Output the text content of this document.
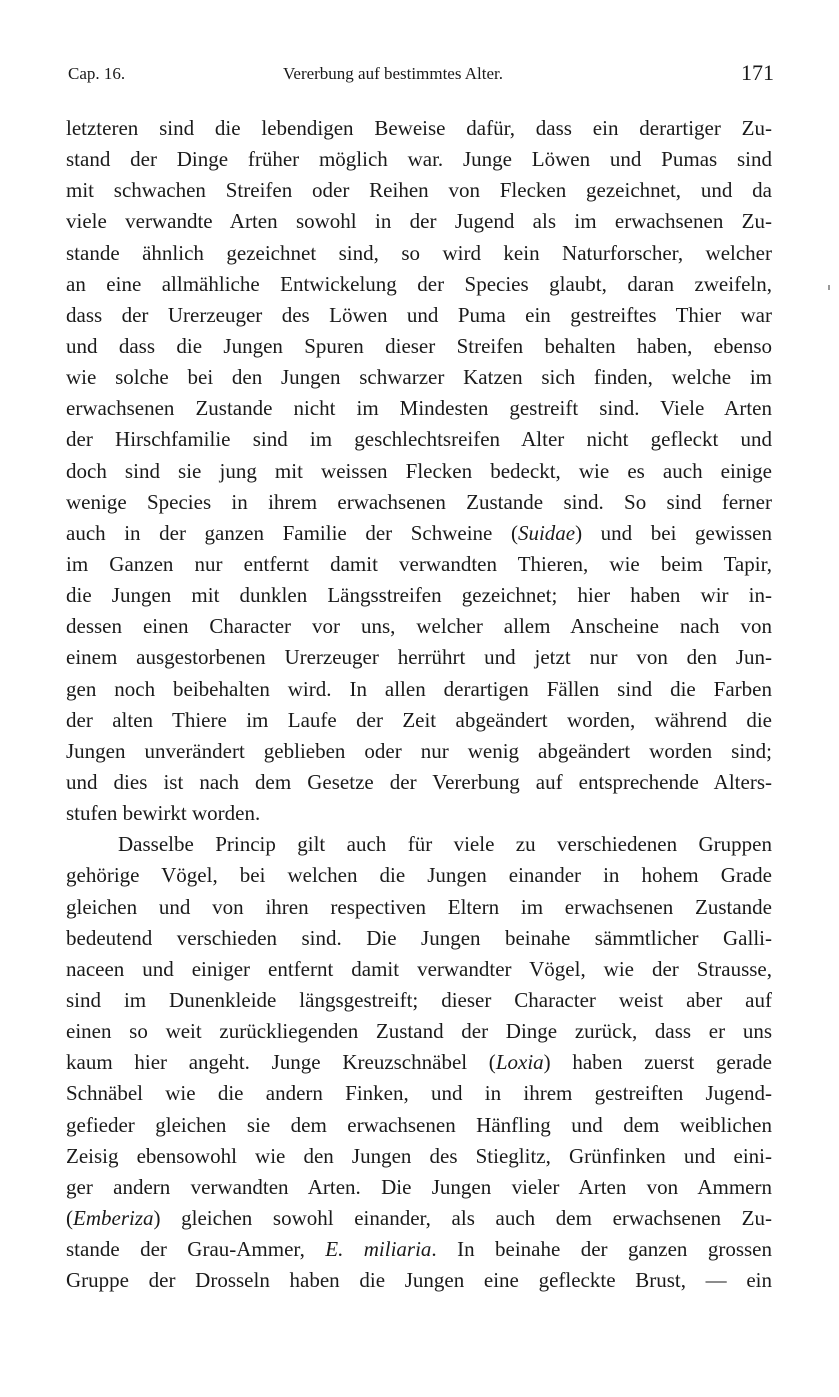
Cap. 16.	Vererbung auf bestimmtes Alter.	171
letzteren sind die lebendigen Beweise dafür, dass ein derartiger Zu-
stand der Dinge früher möglich war. Junge Löwen und Pumas sind
mit schwachen Streifen oder Reihen von Flecken gezeichnet, und da
viele verwandte Arten sowohl in der Jugend als im erwachsenen Zu-
stande ähnlich gezeichnet sind, so wird kein Naturforscher, welcher
an eine allmähliche Entwickelung der Species glaubt, daran zweifeln,
dass der Urerzeuger des Löwen und Puma ein gestreiftes Thier war
und dass die Jungen Spuren dieser Streifen behalten haben, ebenso
wie solche bei den Jungen schwarzer Katzen sich finden, welche im
erwachsenen Zustande nicht im Mindesten gestreift sind. Viele Arten
der Hirschfamilie sind im geschlechtsreifen Alter nicht gefleckt und
doch sind sie jung mit weissen Flecken bedeckt, wie es auch einige
wenige Species in ihrem erwachsenen Zustande sind. So sind ferner
auch in der ganzen Familie der Schweine (Suidae) und bei gewissen
im Ganzen nur entfernt damit verwandten Thieren, wie beim Tapir,
die Jungen mit dunklen Längsstreifen gezeichnet; hier haben wir in-
dessen einen Character vor uns, welcher allem Anscheine nach von
einem ausgestorbenen Urerzeuger herrührt und jetzt nur von den Jun-
gen noch beibehalten wird. In allen derartigen Fällen sind die Farben
der alten Thiere im Laufe der Zeit abgeändert worden, während die
Jungen unverändert geblieben oder nur wenig abgeändert worden sind;
und dies ist nach dem Gesetze der Vererbung auf entsprechende Alters-
stufen bewirkt worden.
Dasselbe Princip gilt auch für viele zu verschiedenen Gruppen
gehörige Vögel, bei welchen die Jungen einander in hohem Grade
gleichen und von ihren respectiven Eltern im erwachsenen Zustande
bedeutend verschieden sind. Die Jungen beinahe sämmtlicher Galli-
naceen und einiger entfernt damit verwandter Vögel, wie der Strausse,
sind im Dunenkleide längsgestreift; dieser Character weist aber auf
einen so weit zurückliegenden Zustand der Dinge zurück, dass er uns
kaum hier angeht. Junge Kreuzschnäbel (Loxia) haben zuerst gerade
Schnäbel wie die andern Finken, und in ihrem gestreiften Jugend-
gefieder gleichen sie dem erwachsenen Hänfling und dem weiblichen
Zeisig ebensowohl wie den Jungen des Stieglitz, Grünfinken und eini-
ger andern verwandten Arten. Die Jungen vieler Arten von Ammern
(Emberiza) gleichen sowohl einander, als auch dem erwachsenen Zu-
stande der Grau-Ammer, E. miliaria. In beinahe der ganzen grossen
Gruppe der Drosseln haben die Jungen eine gefleckte Brust, — ein
